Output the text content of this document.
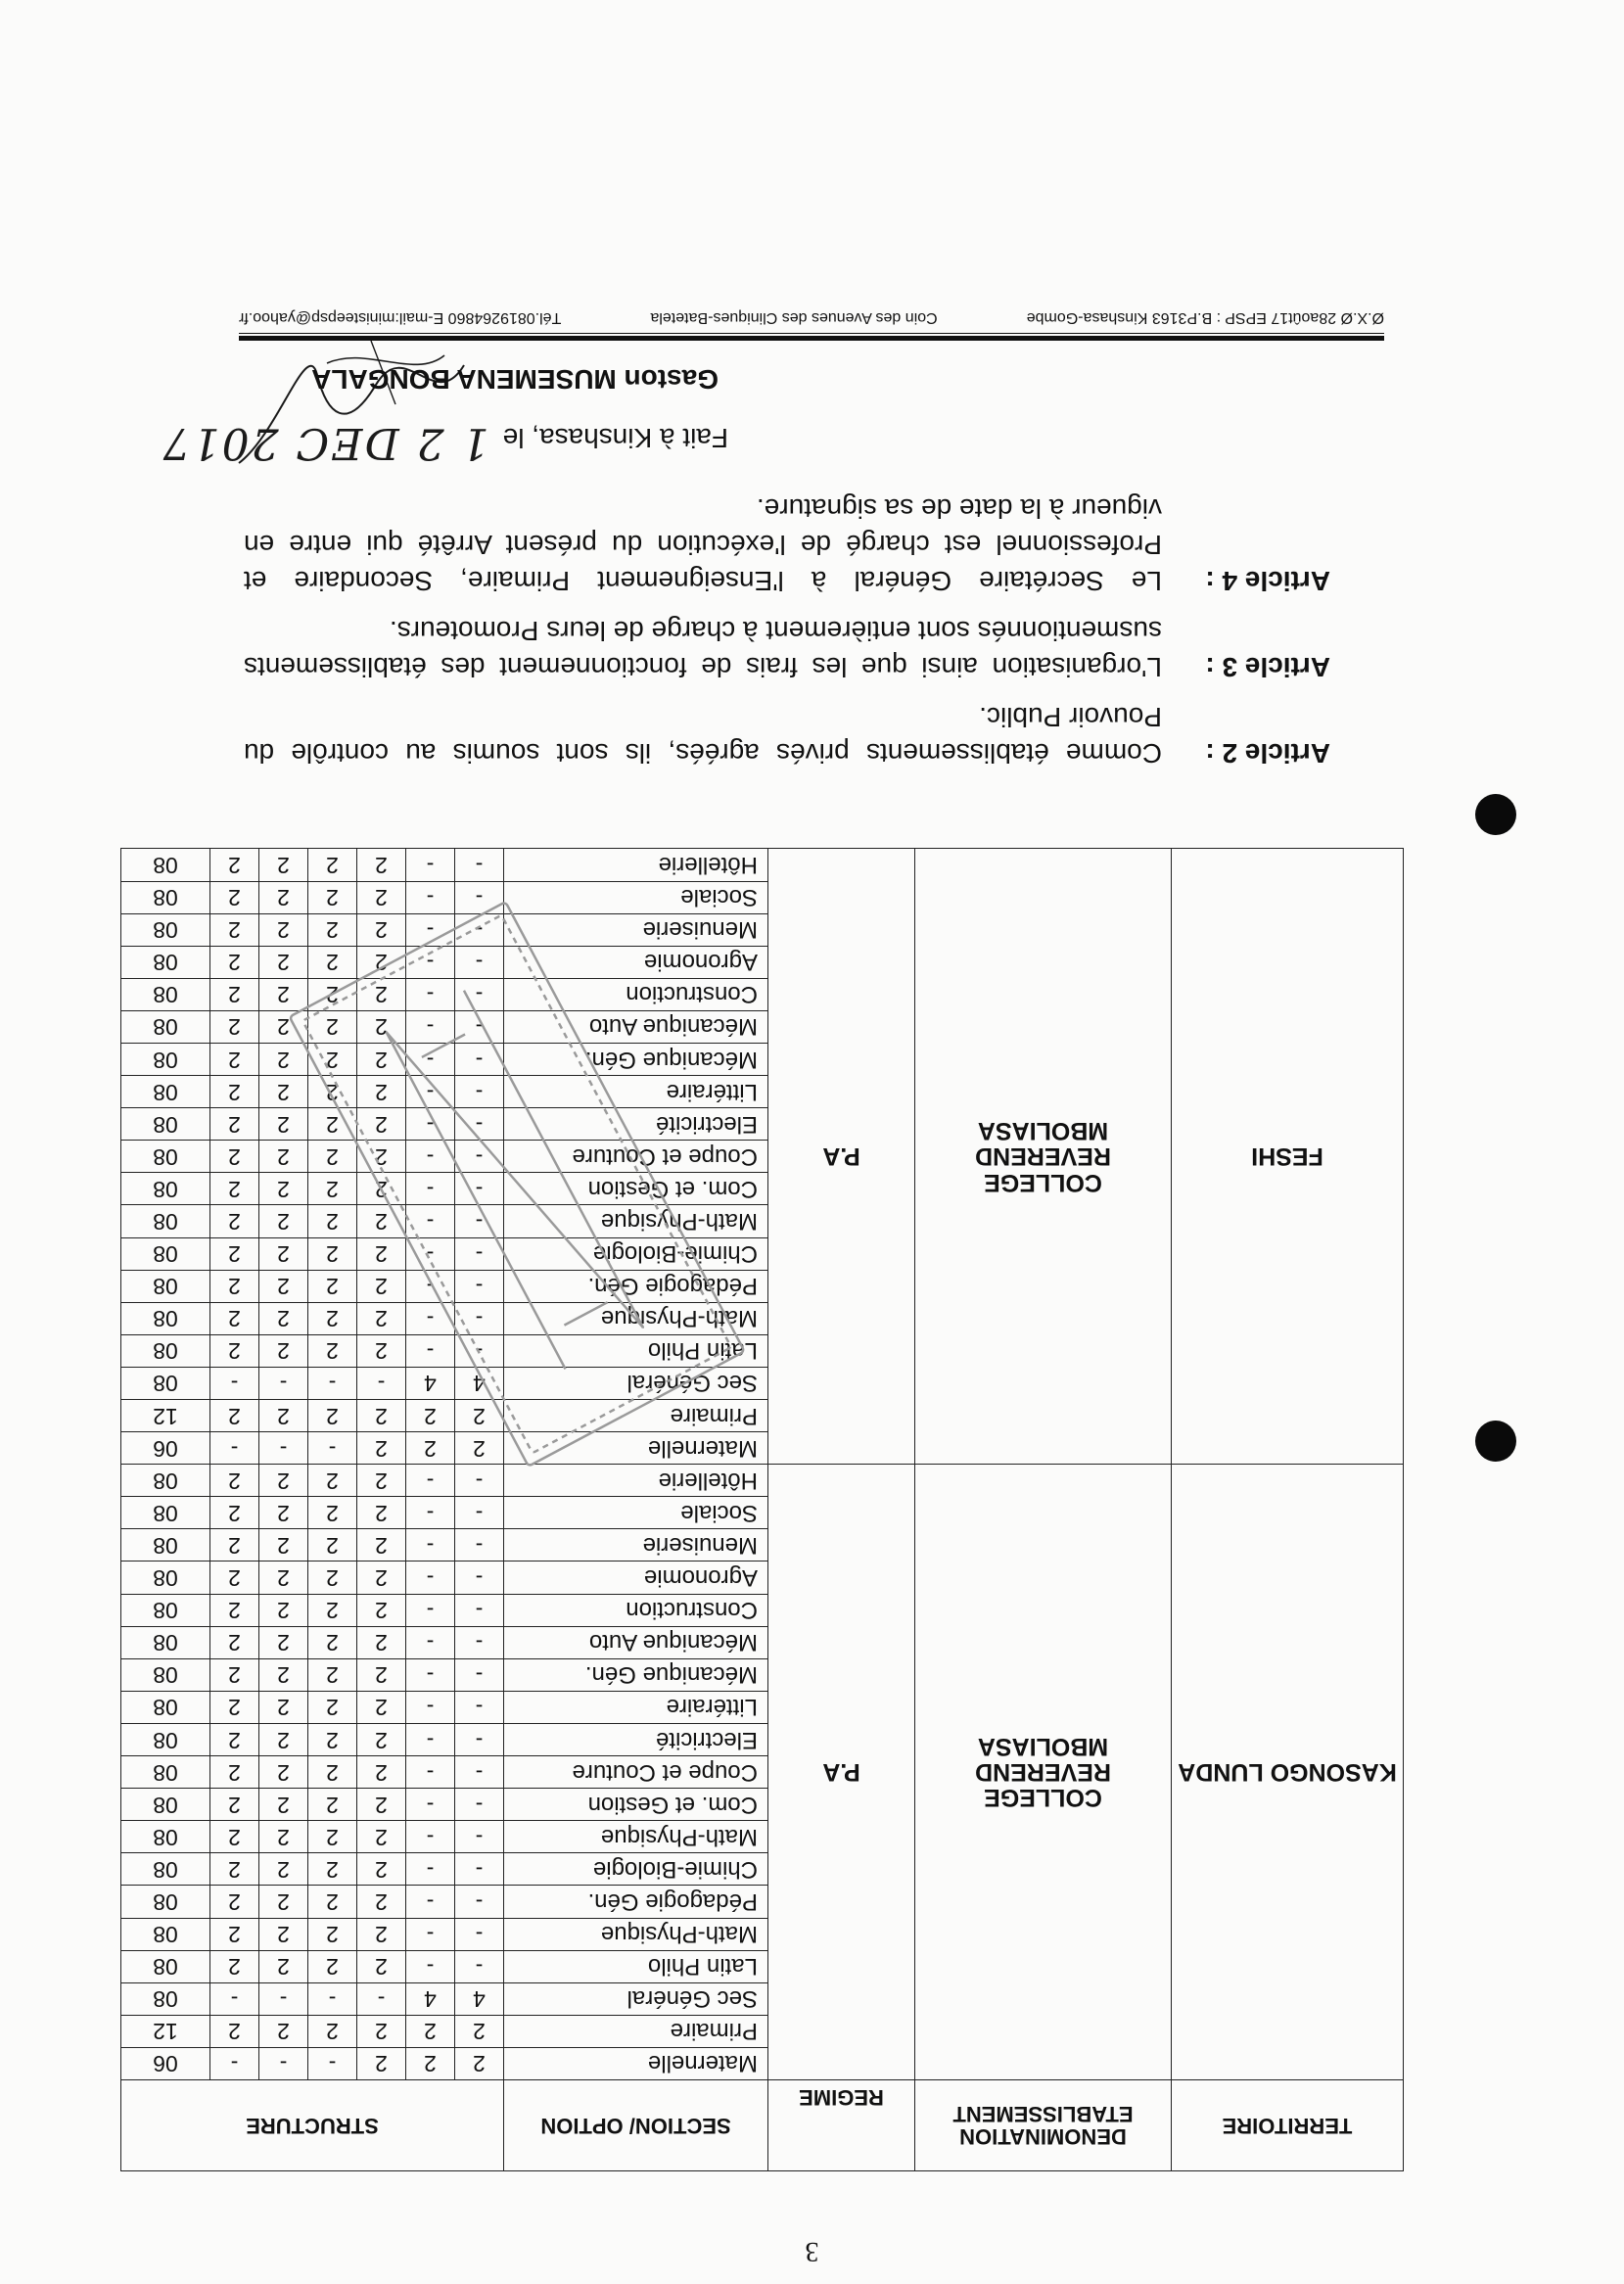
3
TERRITOIRE	DENOMINATION ETABLISSEMENT	REGIME	SECTION/ OPTION	STRUCTURE						
KASONGO LUNDA	COLLEGE REVEREND MBOLIASA	P.A	Maternelle	2	2	2	-	-	-	06
			Primaire	2	2	2	2	2	2	12
			Sec Général	4	4	-	-	-	-	08
			Latin Philo	-	-	2	2	2	2	08
			Math-Physique	-	-	2	2	2	2	08
			Pédagogie Gén.	-	-	2	2	2	2	08
			Chimie-Biologie	-	-	2	2	2	2	08
			Math-Physique	-	-	2	2	2	2	08
			Com. et Gestion	-	-	2	2	2	2	08
			Coupe et Couture	-	-	2	2	2	2	08
			Electricité	-	-	2	2	2	2	08
			Littéraire	-	-	2	2	2	2	08
			Mécanique Gén.	-	-	2	2	2	2	08
			Mécanique Auto	-	-	2	2	2	2	08
			Construction	-	-	2	2	2	2	08
			Agronomie	-	-	2	2	2	2	08
			Menuiserie	-	-	2	2	2	2	08
			Sociale	-	-	2	2	2	2	08
			Hôtellerie	-	-	2	2	2	2	08
FESHI	COLLEGE REVEREND MBOLIASA	P.A	Maternelle	2	2	2	-	-	-	06
			Primaire	2	2	2	2	2	2	12
			Sec Général	4	4	-	-	-	-	08
			Latin Philo	-	-	2	2	2	2	08
			Math-Physique	-	-	2	2	2	2	08
			Pédagogie Gén.	-	-	2	2	2	2	08
			Chimie-Biologie	-	-	2	2	2	2	08
			Math-Physique	-	-	2	2	2	2	08
			Com. et Gestion	-	-	2	2	2	2	08
			Coupe et Couture	-	-	2	2	2	2	08
			Electricité	-	-	2	2	2	2	08
			Littéraire	-	-	2	2	2	2	08
			Mécanique Gén.	-	-	2	2	2	2	08
			Mécanique Auto	-	-	2	2	2	2	08
			Construction	-	-	2	2	2	2	08
			Agronomie	-	-	2	2	2	2	08
			Menuiserie	-	-	2	2	2	2	08
			Sociale	-	-	2	2	2	2	08
			Hôtellerie	-	-	2	2	2	2	08
Article 2 :
Comme établissements privés agréés, ils sont soumis au contrôle du Pouvoir Public.
Article 3 :
L'organisation ainsi que les frais de fonctionnement des établissements susmentionnés sont entièrement à charge de leurs Promoteurs.
Article 4 :
Le Secrétaire Général à l'Enseignement Primaire, Secondaire et Professionnel est chargé de l'exécution du présent Arrêté qui entre en vigueur à la date de sa signature.
Fait à Kinshasa, le
1 2 DEC 2017
Gaston MUSEMENA BONGALA
Ø.X.Ø 28août17 EPSP : B.P3163 Kinshasa-Gombe
Coin des Avenues des Cliniques-Batetela
Tél.0819264860 E-mail:ministeepsp@yahoo.fr
